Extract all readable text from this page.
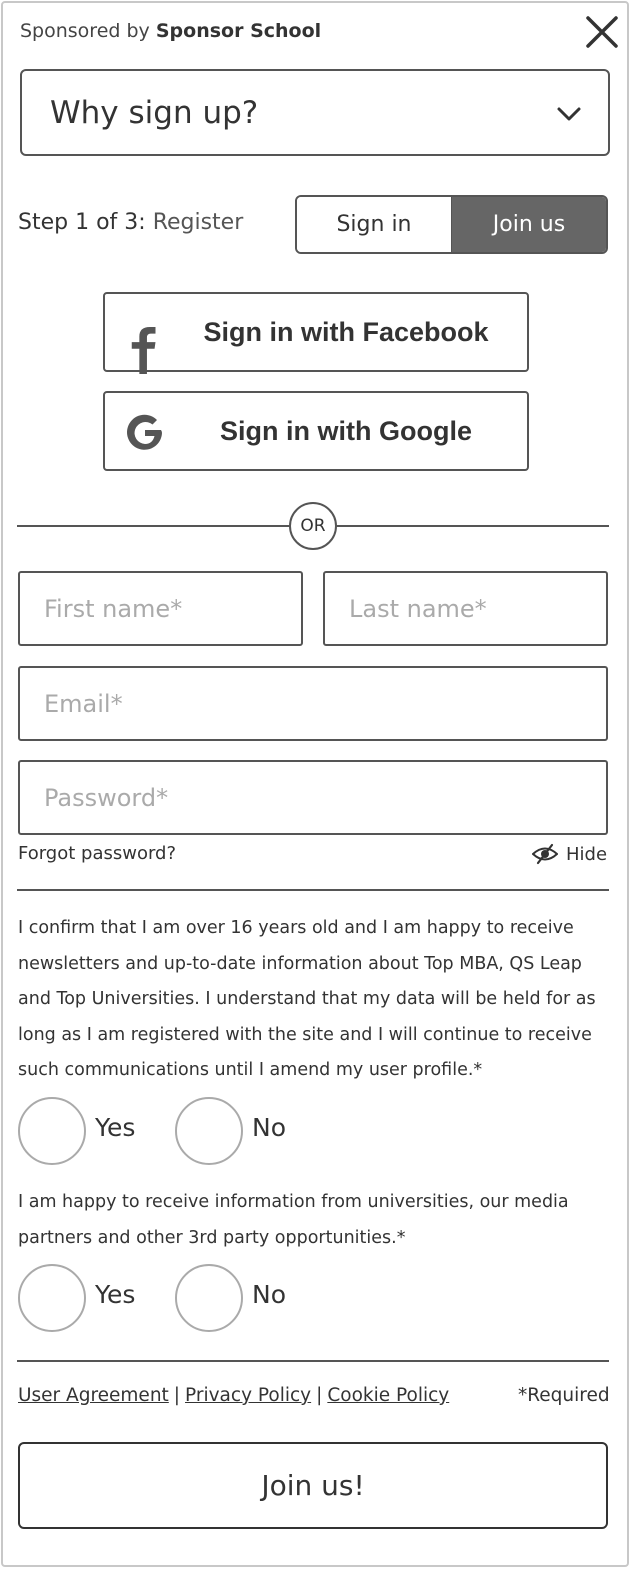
Sponsored by Sponsor School
Why sign up?
Step 1 of 3: Register	Sign in	Join us
Sign in with Facebook
Sign in with Google
OR
First name*
Last name*
Email*
Forgot password?	Hide
I confirm that I am over 16 years old and I am happy to receive newsletters and up-to-date information about Top MBA, QS Leap and Top Universities. I understand that my data will be held for as long as I am registered with the site and I will continue to receive such communications until I amend my user profile.*
Yes	No
I am happy to receive information from universities, our media partners and other 3rd party opportunities.*
Yes	No
User Agreement | Privacy Policy | Cookie Policy	*Required
Join us!
